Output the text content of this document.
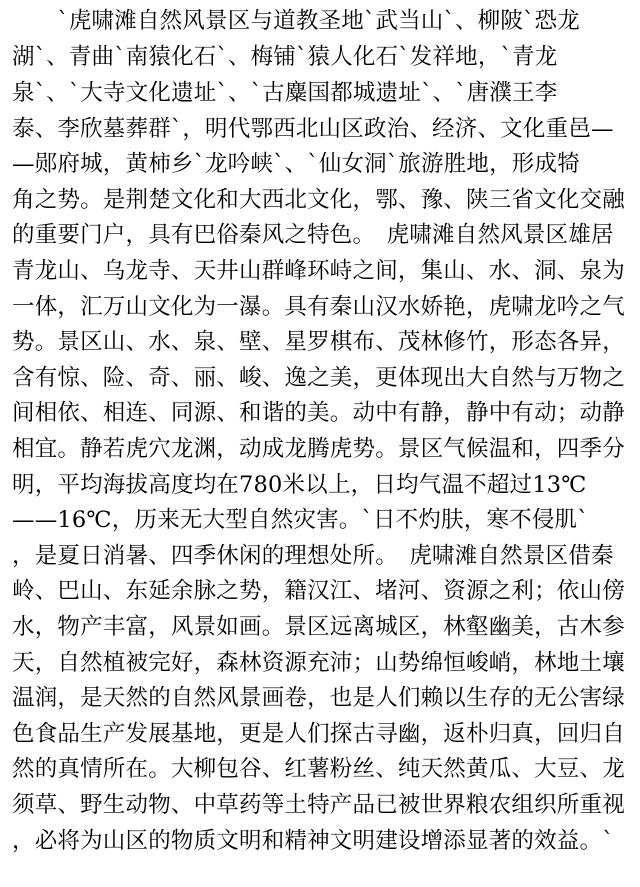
　　`虎啸滩自然风景区与道教圣地`武当山`、柳陂`恐龙
湖`、青曲`南猿化石`、梅铺`猿人化石`发祥地，`青龙
泉`、`大寺文化遗址`、`古麋国都城遗址`、`唐濮王李
泰、李欣墓葬群`，明代鄂西北山区政治、经济、文化重邑—
—郧府城，黄柿乡`龙吟峡`、`仙女洞`旅游胜地，形成犄
角之势。是荆楚文化和大西北文化，鄂、豫、陕三省文化交融
的重要门户，具有巴俗秦风之特色。　虎啸滩自然风景区雄居
青龙山、乌龙寺、天井山群峰环峙之间，集山、水、洞、泉为
一体，汇万山文化为一瀑。具有秦山汉水娇艳，虎啸龙吟之气
势。景区山、水、泉、壁、星罗棋布、茂林修竹，形态各异，
含有惊、险、奇、丽、峻、逸之美，更体现出大自然与万物之
间相依、相连、同源、和谐的美。动中有静，静中有动；动静
相宜。静若虎穴龙渊，动成龙腾虎势。景区气候温和，四季分
明，平均海拔高度均在780米以上，日均气温不超过13℃
——16℃，历来无大型自然灾害。`日不灼肤，寒不侵肌`
，是夏日消暑、四季休闲的理想处所。　虎啸滩自然景区借秦
岭、巴山、东延余脉之势，籍汉江、堵河、资源之利；依山傍
水，物产丰富，风景如画。景区远离城区，林壑幽美，古木参
天，自然植被完好，森林资源充沛；山势绵恒峻峭，林地土壤
温润，是天然的自然风景画卷，也是人们赖以生存的无公害绿
色食品生产发展基地，更是人们探古寻幽，返朴归真，回归自
然的真情所在。大柳包谷、红薯粉丝、纯天然黄瓜、大豆、龙
须草、野生动物、中草药等土特产品已被世界粮农组织所重视
，必将为山区的物质文明和精神文明建设增添显著的效益。`
